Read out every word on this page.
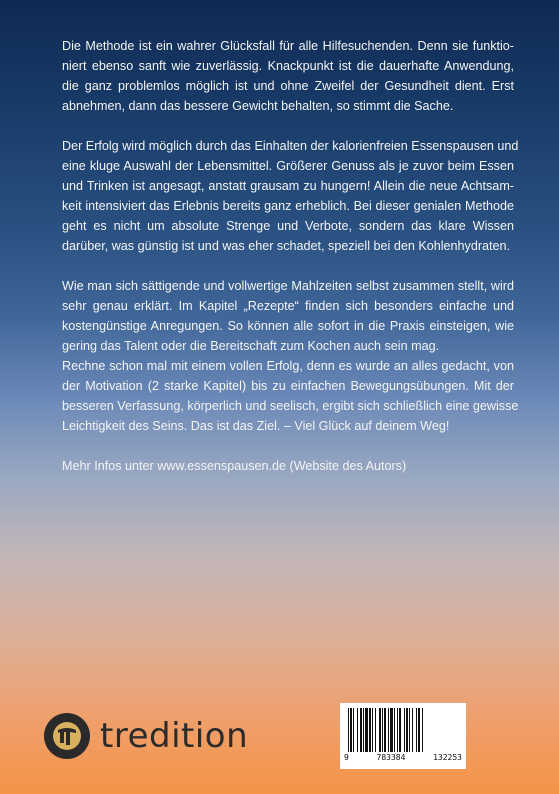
Die Methode ist ein wahrer Glücksfall für alle Hilfesuchenden. Denn sie funktio-
niert ebenso sanft wie zuverlässig. Knackpunkt ist die dauerhafte Anwendung,
die ganz problemlos möglich ist und ohne Zweifel der Gesundheit dient. Erst
abnehmen, dann das bessere Gewicht behalten, so stimmt die Sache.
Der Erfolg wird möglich durch das Einhalten der kalorienfreien Essenspausen und
eine kluge Auswahl der Lebensmittel. Größerer Genuss als je zuvor beim Essen
und Trinken ist angesagt, anstatt grausam zu hungern! Allein die neue Achtsam-
keit intensiviert das Erlebnis bereits ganz erheblich. Bei dieser genialen Methode
geht es nicht um absolute Strenge und Verbote, sondern das klare Wissen
darüber, was günstig ist und was eher schadet, speziell bei den Kohlenhydraten.
Wie man sich sättigende und vollwertige Mahlzeiten selbst zusammen stellt, wird
sehr genau erklärt. Im Kapitel „Rezepte“ finden sich besonders einfache und
kostengünstige Anregungen. So können alle sofort in die Praxis einsteigen, wie
gering das Talent oder die Bereitschaft zum Kochen auch sein mag.
Rechne schon mal mit einem vollen Erfolg, denn es wurde an alles gedacht, von
der Motivation (2 starke Kapitel) bis zu einfachen Bewegungsübungen. Mit der
besseren Verfassung, körperlich und seelisch, ergibt sich schließlich eine gewisse
Leichtigkeit des Seins. Das ist das Ziel. – Viel Glück auf deinem Weg!
Mehr Infos unter www.essenspausen.de (Website des Autors)
tredition
9	783384	132253
